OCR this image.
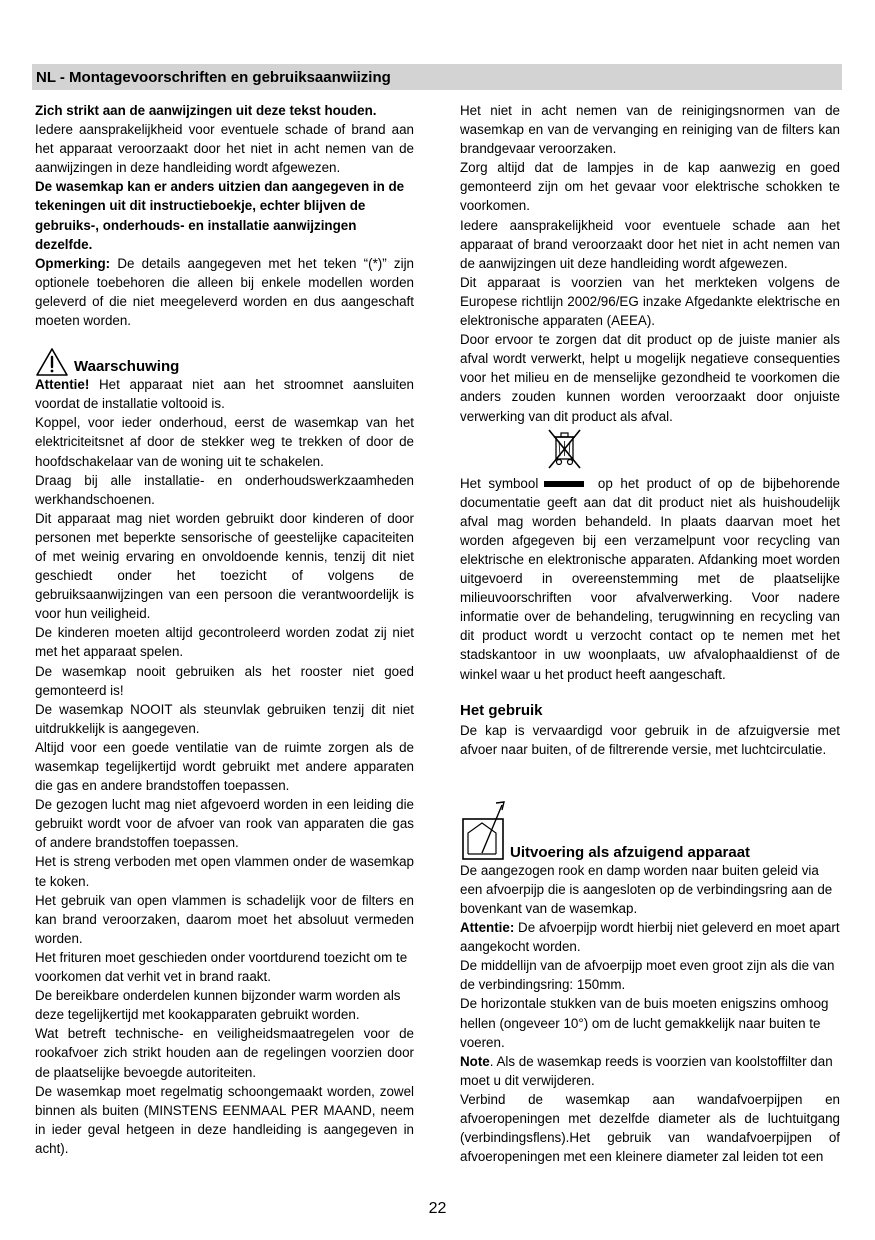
NL - Montagevoorschriften en gebruiksaanwiizing

Zich strikt aan de aanwijzingen uit deze tekst houden.

Iedere aansprakelijkheid voor eventuele schade of brand aan het apparaat veroorzaakt door het niet in acht nemen van de aanwijzingen in deze handleiding wordt afgewezen.

De wasemkap kan er anders uitzien dan aangegeven in de tekeningen uit dit instructieboekje, echter blijven de gebruiks-, onderhouds- en installatie aanwijzingen dezelfde.

Opmerking: De details aangegeven met het teken “(*)” zijn optionele toebehoren die alleen bij enkele modellen worden geleverd of die niet meegeleverd worden en dus aangeschaft moeten worden.

Waarschuwing

Attentie! Het apparaat niet aan het stroomnet aansluiten voordat de installatie voltooid is.

Koppel, voor ieder onderhoud, eerst de wasemkap van het elektriciteitsnet af door de stekker weg te trekken of door de hoofdschakelaar van de woning uit te schakelen.

Draag bij alle installatie- en onderhoudswerkzaamheden werkhandschoenen.

Dit apparaat mag niet worden gebruikt door kinderen of door personen met beperkte sensorische of geestelijke capaciteiten of met weinig ervaring en onvoldoende kennis, tenzij dit niet geschiedt onder het toezicht of volgens de gebruiksaanwijzingen van een persoon die verantwoordelijk is voor hun veiligheid.

De kinderen moeten altijd gecontroleerd worden zodat zij niet met het apparaat spelen.

De wasemkap nooit gebruiken als het rooster niet goed gemonteerd is!

De wasemkap NOOIT als steunvlak gebruiken tenzij dit niet uitdrukkelijk is aangegeven.

Altijd voor een goede ventilatie van de ruimte zorgen als de wasemkap tegelijkertijd wordt gebruikt met andere apparaten die gas en andere brandstoffen toepassen.

De gezogen lucht mag niet afgevoerd worden in een leiding die gebruikt wordt voor de afvoer van rook van apparaten die gas of andere brandstoffen toepassen.

Het is streng verboden met open vlammen onder de wasemkap te koken.

Het gebruik van open vlammen is schadelijk voor de filters en kan brand veroorzaken, daarom moet het absoluut vermeden worden.

Het frituren moet geschieden onder voortdurend toezicht om te voorkomen dat verhit vet in brand raakt.

De bereikbare onderdelen kunnen bijzonder warm worden als deze tegelijkertijd met kookapparaten gebruikt worden.

Wat betreft technische- en veiligheidsmaatregelen voor de rookafvoer zich strikt houden aan de regelingen voorzien door de plaatselijke bevoegde autoriteiten.

De wasemkap moet regelmatig schoongemaakt worden, zowel binnen als buiten (MINSTENS EENMAAL PER MAAND, neem in ieder geval hetgeen in deze handleiding is aangegeven in acht).

Het niet in acht nemen van de reinigingsnormen van de wasemkap en van de vervanging en reiniging van de filters kan brandgevaar veroorzaken.

Zorg altijd dat de lampjes in de kap aanwezig en goed gemonteerd zijn om het gevaar voor elektrische schokken te voorkomen.

Iedere aansprakelijkheid voor eventuele schade aan het apparaat of brand veroorzaakt door het niet in acht nemen van de aanwijzingen uit deze handleiding wordt afgewezen.

Dit apparaat is voorzien van het merkteken volgens de Europese richtlijn 2002/96/EG inzake Afgedankte elektrische en elektronische apparaten (AEEA).

Door ervoor te zorgen dat dit product op de juiste manier als afval wordt verwerkt, helpt u mogelijk negatieve consequenties voor het milieu en de menselijke gezondheid te voorkomen die anders zouden kunnen worden veroorzaakt door onjuiste verwerking van dit product als afval.

Het symbool	op het product of op de bijbehorende documentatie geeft aan dat dit product niet als huishoudelijk afval mag worden behandeld. In plaats daarvan moet het worden afgegeven bij een verzamelpunt voor recycling van elektrische en elektronische apparaten. Afdanking moet worden uitgevoerd in overeenstemming met de plaatselijke milieuvoorschriften voor afvalverwerking. Voor nadere informatie over de behandeling, terugwinning en recycling van dit product wordt u verzocht contact op te nemen met het stadskantoor in uw woonplaats, uw afvalophaaldienst of de winkel waar u het product heeft aangeschaft.

Het gebruik

De kap is vervaardigd voor gebruik in de afzuigversie met afvoer naar buiten, of de filtrerende versie, met luchtcirculatie.

Uitvoering als afzuigend apparaat

De aangezogen rook en damp worden naar buiten geleid via een afvoerpijp die is aangesloten op de verbindingsring aan de bovenkant van de wasemkap.

Attentie: De afvoerpijp wordt hierbij niet geleverd en moet apart aangekocht worden.

De middellijn van de afvoerpijp moet even groot zijn als die van de verbindingsring: 150mm.

De horizontale stukken van de buis moeten enigszins omhoog hellen (ongeveer 10°) om de lucht gemakkelijk naar buiten te voeren.

Note. Als de wasemkap reeds is voorzien van koolstoffilter dan moet u dit verwijderen.

Verbind de wasemkap aan wandafvoerpijpen en afvoeropeningen met dezelfde diameter als de luchtuitgang (verbindingsflens).Het gebruik van wandafvoerpijpen of afvoeropeningen met een kleinere diameter zal leiden tot een

22
